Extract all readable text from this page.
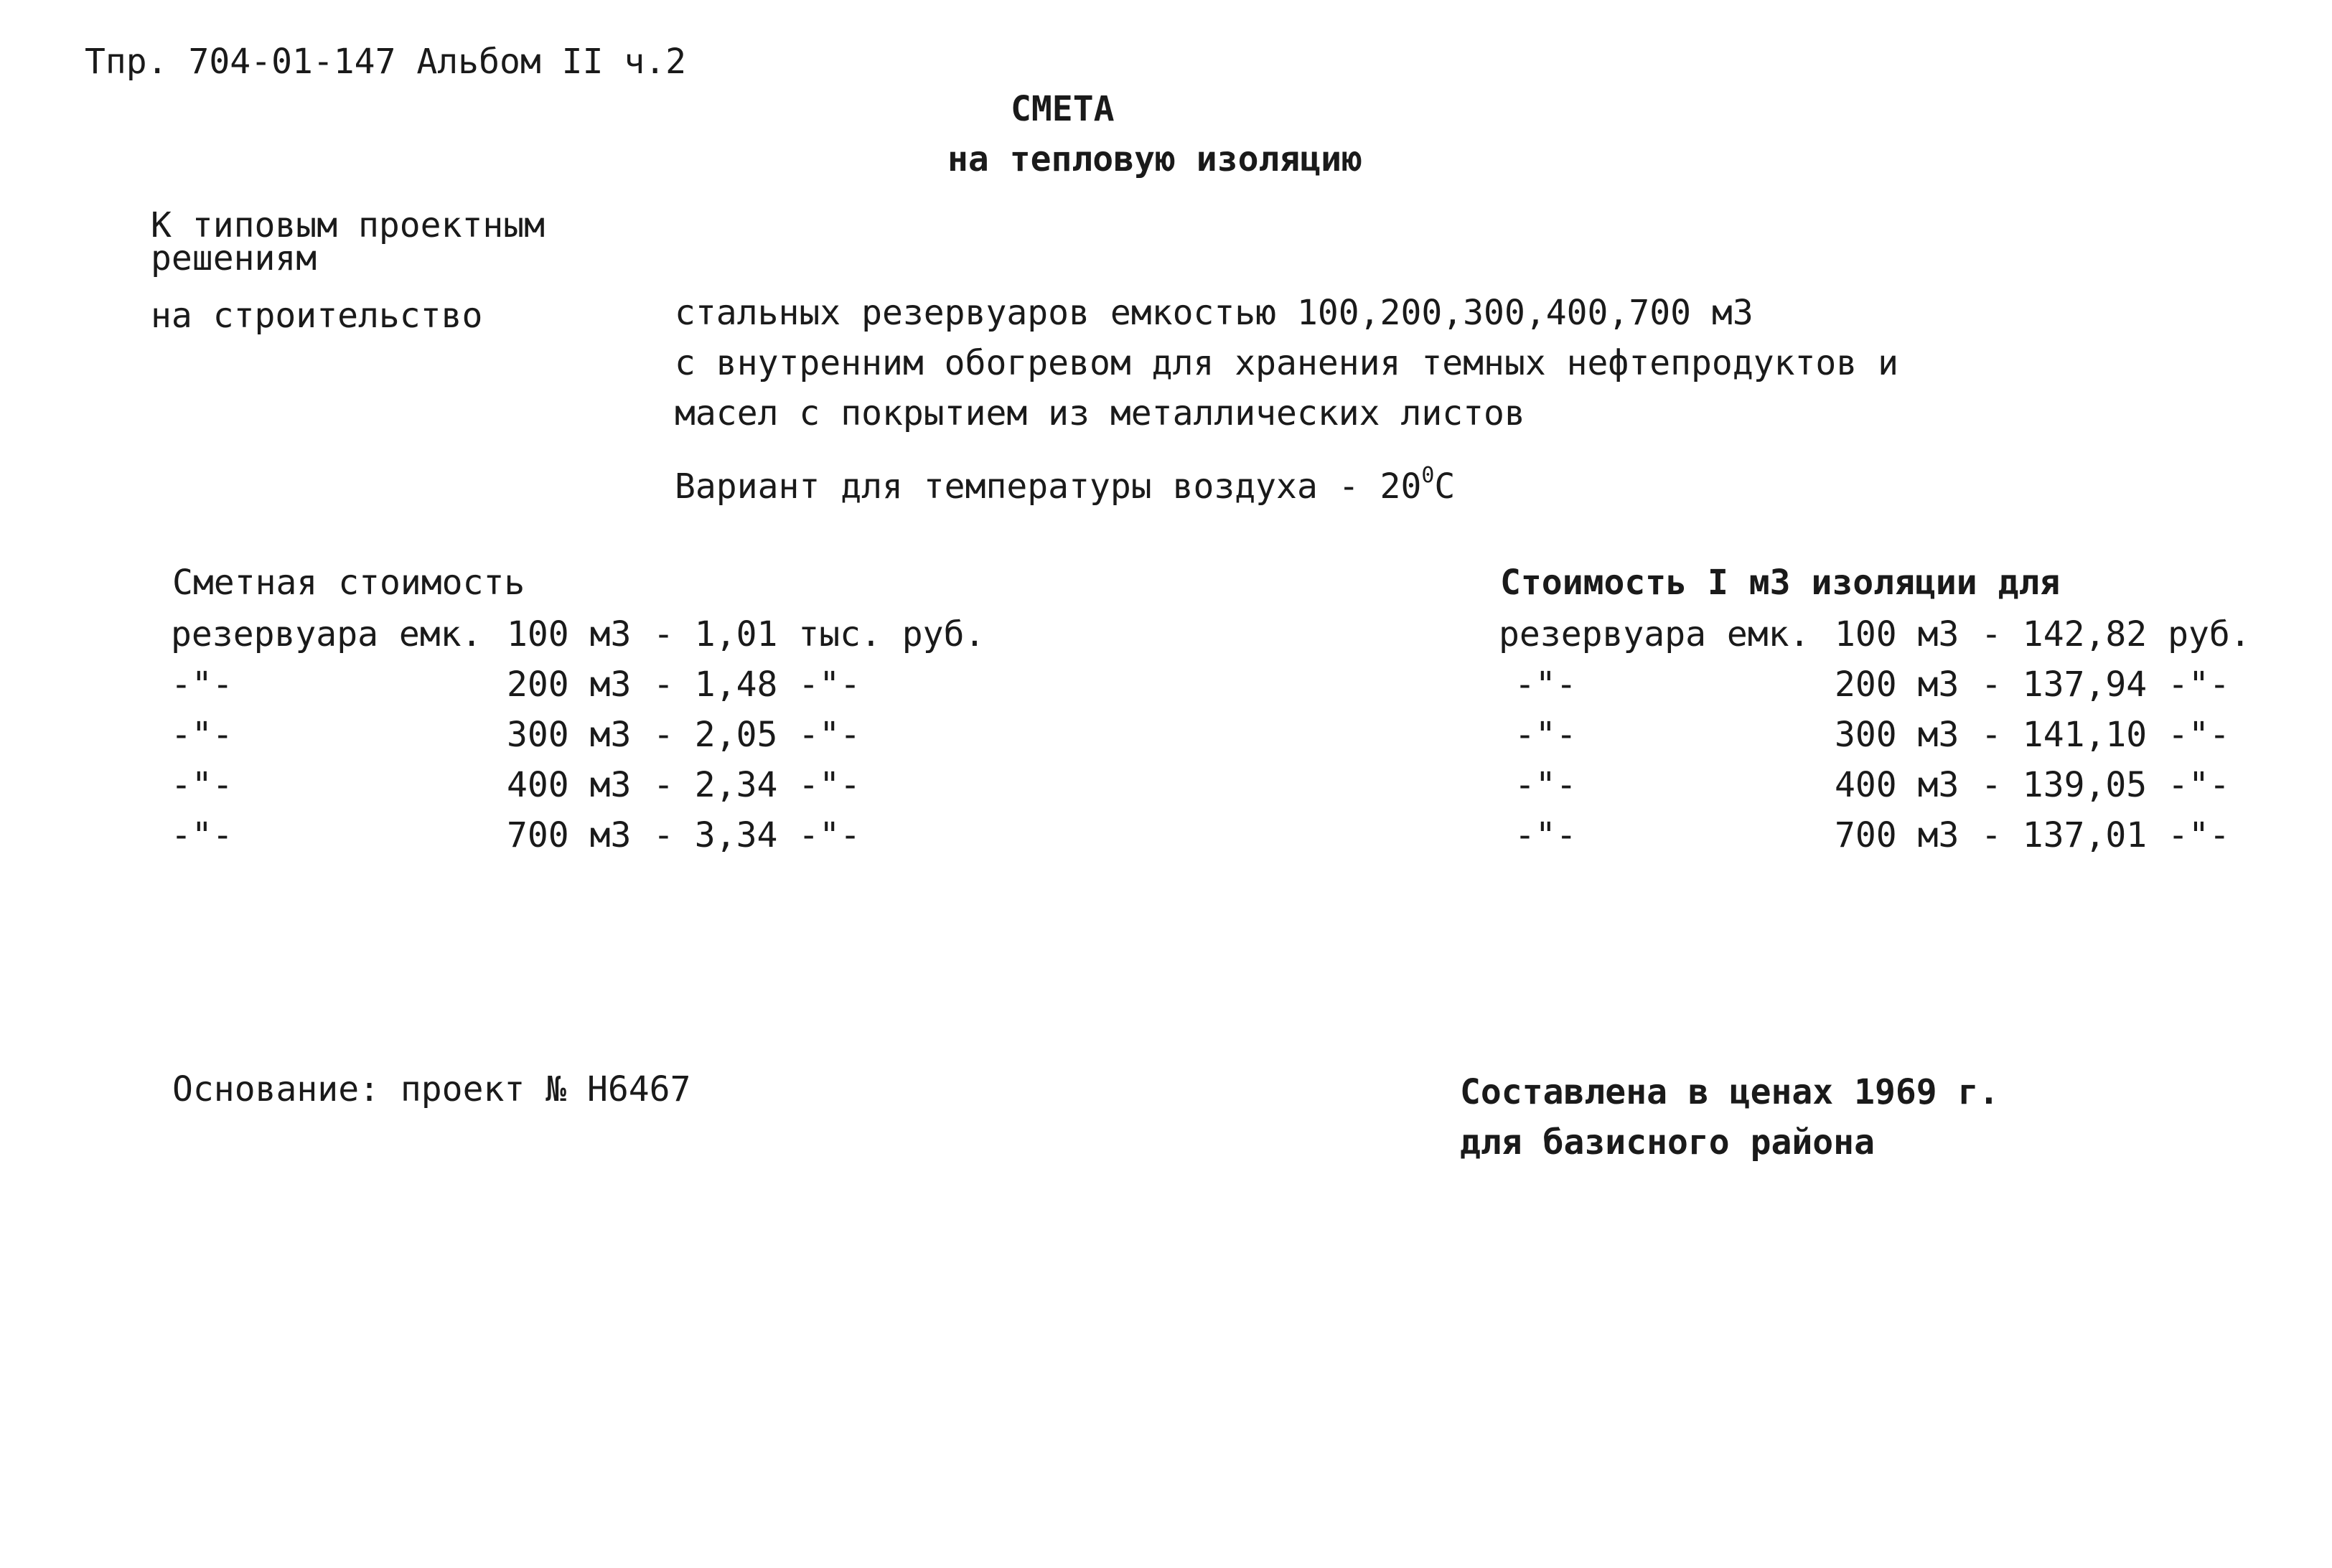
Тпр. 704-01-147 Альбом II ч.2
СМЕТА
на тепловую изоляцию
К типовым проектным
решениям
на строительство	стальных резервуаров емкостью 100,200,300,400,700 м3
с внутренним обогревом для хранения темных нефтепродуктов и
масел с покрытием из металлических листов
Вариант для температуры воздуха - $20^0С$
Сметная стоимость
резервуара емк. 100 м3 - 1,01 тыс. руб.
-"-	200 м3 - 1,48 -"-
-"-	300 м3 - 2,05 -"-
-"-	400 м3 - 2,34 -"-
-"-	700 м3 - 3,34 -"-
Стоимость I м3 изоляции для
резервуара емк. 100 м3 - 142,82 руб.
-"-	200 м3 - 137,94 -"-
-"-	300 м3 - 141,10 -"-
-"-	400 м3 - 139,05 -"-
-"-	700 м3 - 137,01 -"-
Основание: проект № Н6467	Составлена в ценах 1969 г.
для базисного района
